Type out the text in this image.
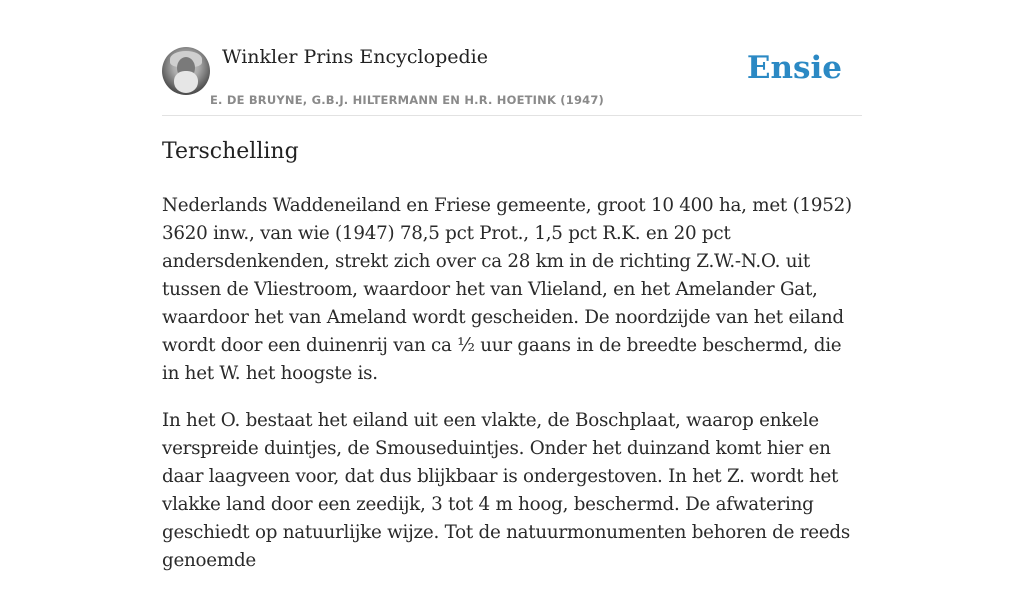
Winkler Prins Encyclopedie
E. DE BRUYNE, G.B.J. HILTERMANN EN H.R. HOETINK (1947)
Ensie
Terschelling

Nederlands Waddeneiland en Friese gemeente, groot 10 400 ha, met (1952) 3620 inw., van wie (1947) 78,5 pct Prot., 1,5 pct R.K. en 20 pct andersdenkenden, strekt zich over ca 28 km in de richting Z.W.-N.O. uit tussen de Vliestroom, waardoor het van Vlieland, en het Amelander Gat, waardoor het van Ameland wordt gescheiden. De noordzijde van het eiland wordt door een duinenrij van ca ½ uur gaans in de breedte beschermd, die in het W. het hoogste is.

In het O. bestaat het eiland uit een vlakte, de Boschplaat, waarop enkele verspreide duintjes, de Smouseduintjes. Onder het duinzand komt hier en daar laagveen voor, dat dus blijkbaar is ondergestoven. In het Z. wordt het vlakke land door een zeedijk, 3 tot 4 m hoog, beschermd. De afwatering geschiedt op natuurlijke wijze. Tot de natuurmonumenten behoren de reeds genoemde
